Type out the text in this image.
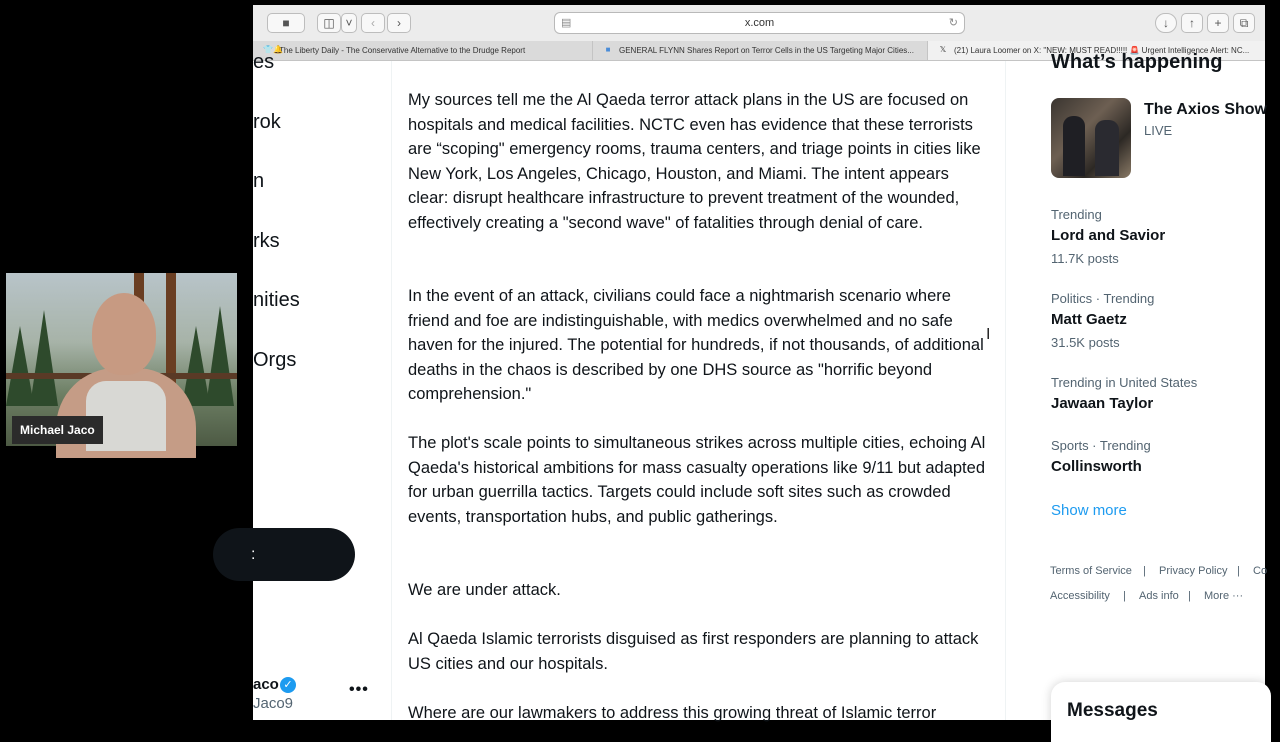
Michael Jaco
■	◫ ˅	‹	›	▤	x.com	↻	↓	↑	+	⧉
👕🔔
The Liberty Daily - The Conservative Alternative to the Drudge Report	■	GENERAL FLYNN Shares Report on Terror Cells in the US Targeting Major Cities...	𝕏 (21) Laura Loomer on X: "NEW: MUST READ!!!!! 🚨 Urgent Intelligence Alert: NC...
es
rok
n
rks
nities
Orgs
:
aco ✓
Jaco9
•••

My sources tell me the Al Qaeda terror attack plans in the US are focused on hospitals and medical facilities. NCTC even has evidence that these terrorists are “scoping" emergency rooms, trauma centers, and triage points in cities like New York, Los Angeles, Chicago, Houston, and Miami. The intent appears clear: disrupt healthcare infrastructure to prevent treatment of the wounded, effectively creating a "second wave" of fatalities through denial of care.

In the event of an attack, civilians could face a nightmarish scenario where friend and foe are indistinguishable, with medics overwhelmed and no safe haven for the injured. The potential for hundreds, if not thousands, of additional deaths in the chaos is described by one DHS source as "horrific beyond comprehension."

The plot's scale points to simultaneous strikes across multiple cities, echoing Al Qaeda's historical ambitions for mass casualty operations like 9/11 but adapted for urban guerrilla tactics. Targets could include soft sites such as crowded events, transportation hubs, and public gatherings.

We are under attack.

Al Qaeda Islamic terrorists disguised as first responders are planning to attack US cities and our hospitals.

Where are our lawmakers to address this growing threat of Islamic terror

I
What’s happening
The Axios Show
LIVE
Trending
Lord and Savior
11.7K posts
Politics · Trending
Matt Gaetz
31.5K posts
Trending in United States
Jawaan Taylor
Sports · Trending
Collinsworth
Show more
Terms of Service | Privacy Policy | Co
Accessibility | Ads info | More ···
Messages
